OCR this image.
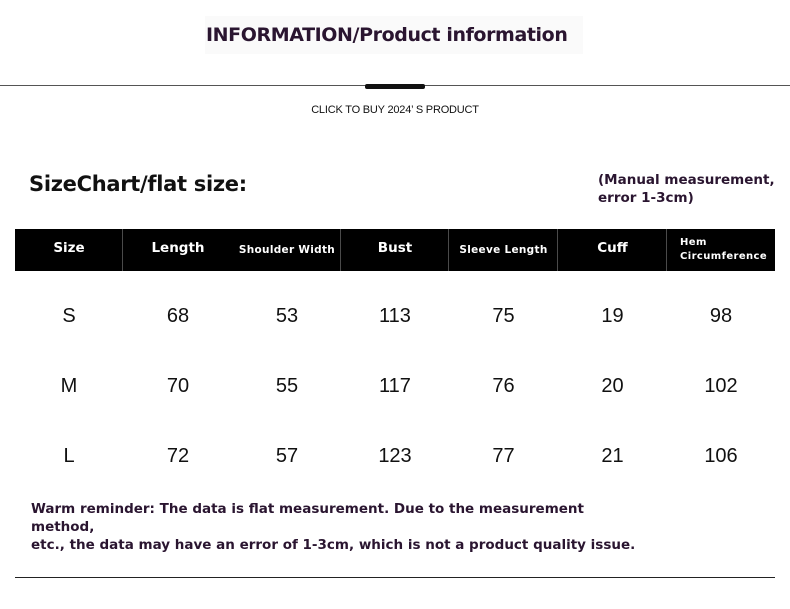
INFORMATION/Product information
CLICK TO BUY 2024’ S PRODUCT
SizeChart/flat size:	(Manual measurement,
error 1-3cm)
Size	Length	Shoulder Width	Bust	Sleeve Length	Cuff	Hem
Circumference
S	68	53	113	75	19	98
M	70	55	117	76	20	102
L	72	57	123	77	21	106
Warm reminder: The data is flat measurement. Due to the measurement method,
etc., the data may have an error of 1-3cm, which is not a product quality issue.
